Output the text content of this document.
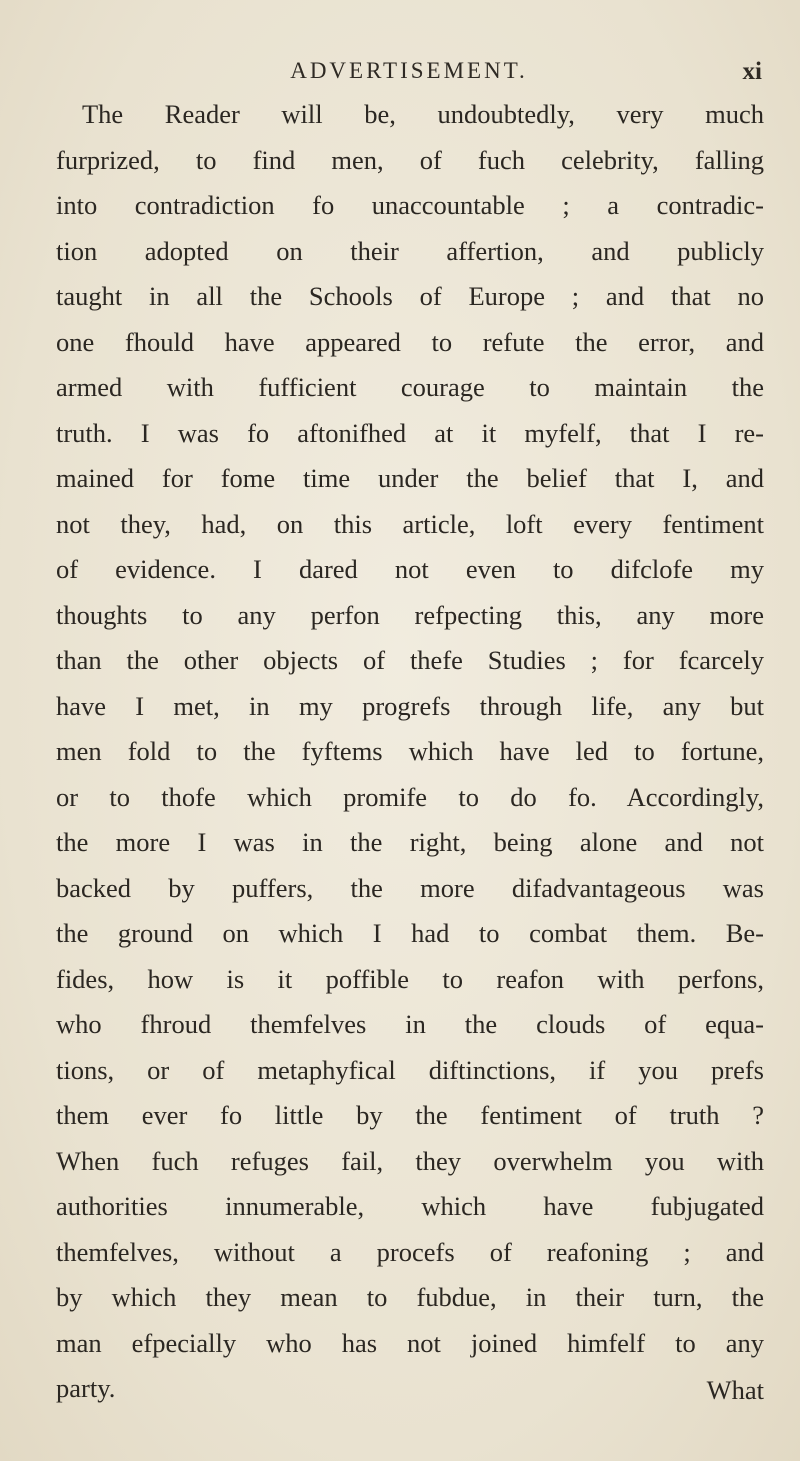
ADVERTISEMENT.	xi
The Reader will be, undoubtedly, very much
furprized, to find men, of fuch celebrity, falling
into contradiction fo unaccountable ; a contradic-
tion adopted on their affertion, and publicly
taught in all the Schools of Europe ; and that no
one fhould have appeared to refute the error, and
armed with fufficient courage to maintain the
truth. I was fo aftonifhed at it myfelf, that I re-
mained for fome time under the belief that I, and
not they, had, on this article, loft every fentiment
of evidence. I dared not even to difclofe my
thoughts to any perfon refpecting this, any more
than the other objects of thefe Studies ; for fcarcely
have I met, in my progrefs through life, any but
men fold to the fyftems which have led to fortune,
or to thofe which promife to do fo. Accordingly,
the more I was in the right, being alone and not
backed by puffers, the more difadvantageous was
the ground on which I had to combat them. Be-
fides, how is it poffible to reafon with perfons,
who fhroud themfelves in the clouds of equa-
tions, or of metaphyfical diftinctions, if you prefs
them ever fo little by the fentiment of truth ?
When fuch refuges fail, they overwhelm you with
authorities innumerable, which have fubjugated
themfelves, without a procefs of reafoning ; and
by which they mean to fubdue, in their turn, the
man efpecially who has not joined himfelf to any
party.	What
